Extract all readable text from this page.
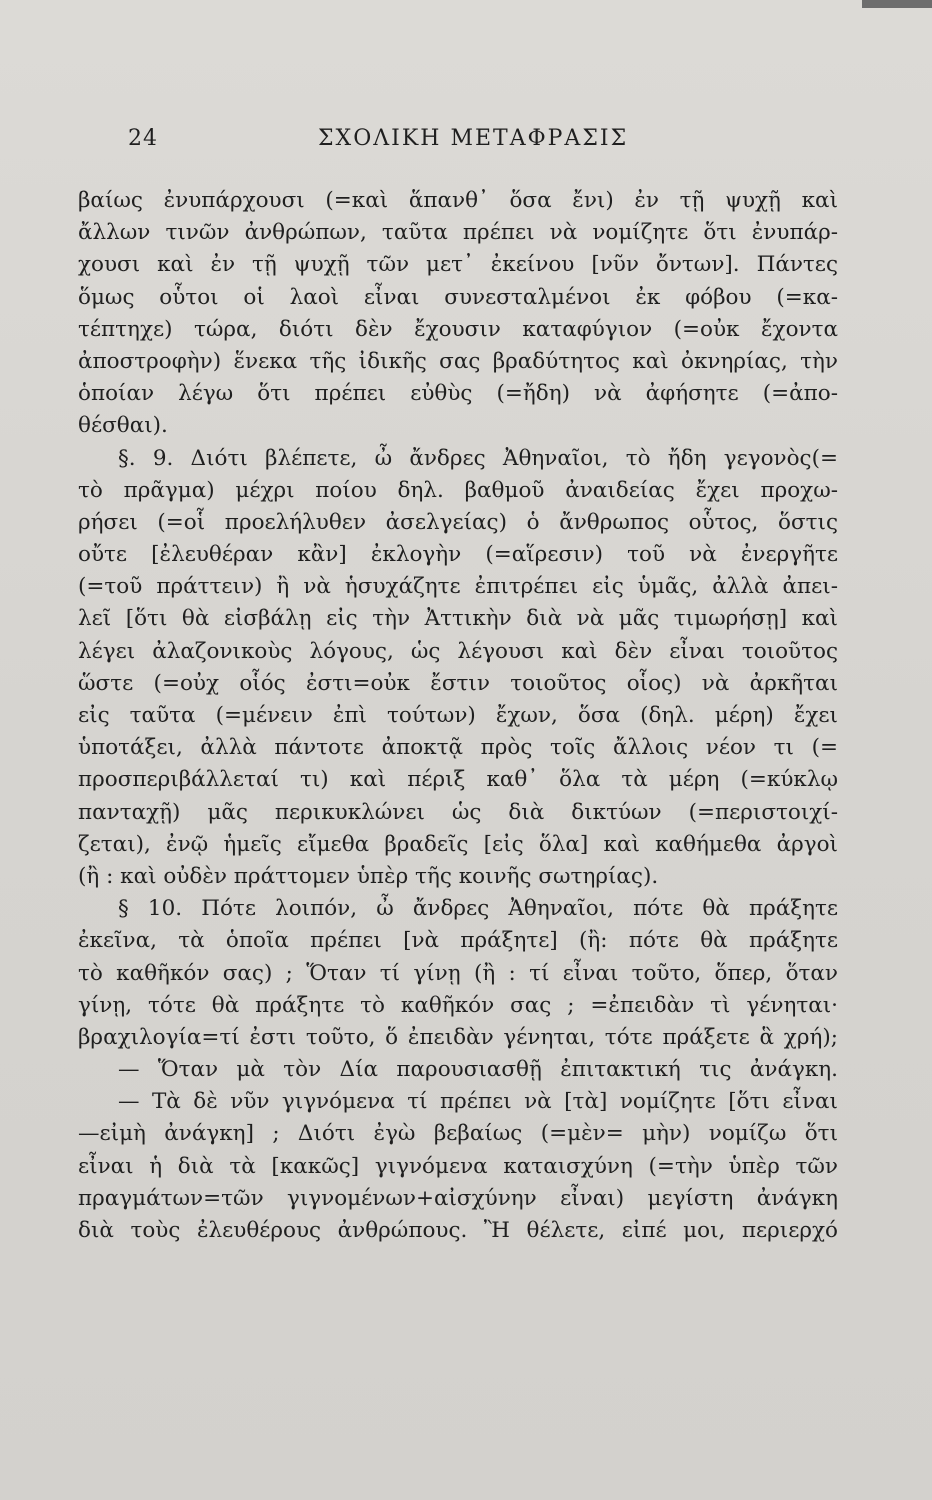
24	ΣΧΟΛΙΚΗ ΜΕΤΑΦΡΑΣΙΣ
βαίως ἐνυπάρχουσι (=καὶ ἅπανθ᾿ ὅσα ἔνι) ἐν τῇ ψυχῇ καὶ
ἄλλων τινῶν ἀνθρώπων, ταῦτα πρέπει νὰ νομίζητε ὅτι ἐνυπάρ-
χουσι καὶ ἐν τῇ ψυχῇ τῶν μετ᾿ ἐκείνου [νῦν ὄντων]. Πάντες
ὅμως οὗτοι οἱ λαοὶ εἶναι συνεσταλμένοι ἐκ φόβου (=κα-
τέπτηχε) τώρα, διότι δὲν ἔχουσιν καταφύγιον (=οὐκ ἔχοντα
ἀποστροφὴν) ἕνεκα τῆς ἰδικῆς σας βραδύτητος καὶ ὀκνηρίας, τὴν
ὁποίαν λέγω ὅτι πρέπει εὐθὺς (=ἤδη) νὰ ἀφήσητε (=ἀπο-
θέσθαι).
§. 9. Διότι βλέπετε, ὦ ἄνδρες Ἀθηναῖοι, τὸ ἤδη γεγονὸς(=
τὸ πρᾶγμα) μέχρι ποίου δηλ. βαθμοῦ ἀναιδείας ἔχει προχω-
ρήσει (=οἷ προελήλυθεν ἀσελγείας) ὁ ἄνθρωπος οὗτος, ὅστις
οὔτε [ἐλευθέραν κἂν] ἐκλογὴν (=αἵρεσιν) τοῦ νὰ ἐνεργῆτε
(=τοῦ πράττειν) ἢ νὰ ἡσυχάζητε ἐπιτρέπει εἰς ὑμᾶς, ἀλλὰ ἀπει-
λεῖ [ὅτι θὰ εἰσβάλῃ εἰς τὴν Ἀττικὴν διὰ νὰ μᾶς τιμωρήσῃ] καὶ
λέγει ἀλαζονικοὺς λόγους, ὡς λέγουσι καὶ δὲν εἶναι τοιοῦτος
ὥστε (=οὐχ οἷός ἐστι=οὐκ ἔστιν τοιοῦτος οἷος) νὰ ἀρκῆται
εἰς ταῦτα (=μένειν ἐπὶ τούτων) ἔχων, ὅσα (δηλ. μέρη) ἔχει
ὑποτάξει, ἀλλὰ πάντοτε ἀποκτᾷ πρὸς τοῖς ἄλλοις νέον τι (=
προσπεριβάλλεταί τι) καὶ πέριξ καθ᾿ ὅλα τὰ μέρη (=κύκλῳ
πανταχῇ) μᾶς περικυκλώνει ὡς διὰ δικτύων (=περιστοιχί-
ζεται), ἐνῷ ἡμεῖς εἴμεθα βραδεῖς [εἰς ὅλα] καὶ καθήμεθα ἀργοὶ
(ἢ : καὶ οὐδὲν πράττομεν ὑπὲρ τῆς κοινῆς σωτηρίας).
§ 10. Πότε λοιπόν, ὦ ἄνδρες Ἀθηναῖοι, πότε θὰ πράξητε
ἐκεῖνα, τὰ ὁποῖα πρέπει [νὰ πράξητε] (ἢ: πότε θὰ πράξητε
τὸ καθῆκόν σας) ; Ὅταν τί γίνῃ (ἢ : τί εἶναι τοῦτο, ὅπερ, ὅταν
γίνῃ, τότε θὰ πράξητε τὸ καθῆκόν σας ; =ἐπειδὰν τὶ γένηται·
βραχιλογία=τί ἐστι τοῦτο, ὅ ἐπειδὰν γένηται, τότε πράξετε ἃ χρή);
— Ὅταν μὰ τὸν Δία παρουσιασθῇ ἐπιτακτική τις ἀνάγκη.
— Τὰ δὲ νῦν γιγνόμενα τί πρέπει νὰ [τὰ] νομίζητε [ὅτι εἶναι
—εἰμὴ ἀνάγκη] ; Διότι ἐγὼ βεβαίως (=μὲν= μὴν) νομίζω ὅτι
εἶναι ἡ διὰ τὰ [κακῶς] γιγνόμενα καταισχύνη (=τὴν ὑπὲρ τῶν
πραγμάτων=τῶν γιγνομένων+αἰσχύνην εἶναι) μεγίστη ἀνάγκη
διὰ τοὺς ἐλευθέρους ἀνθρώπους. Ἢ θέλετε, εἰπέ μοι, περιερχό
